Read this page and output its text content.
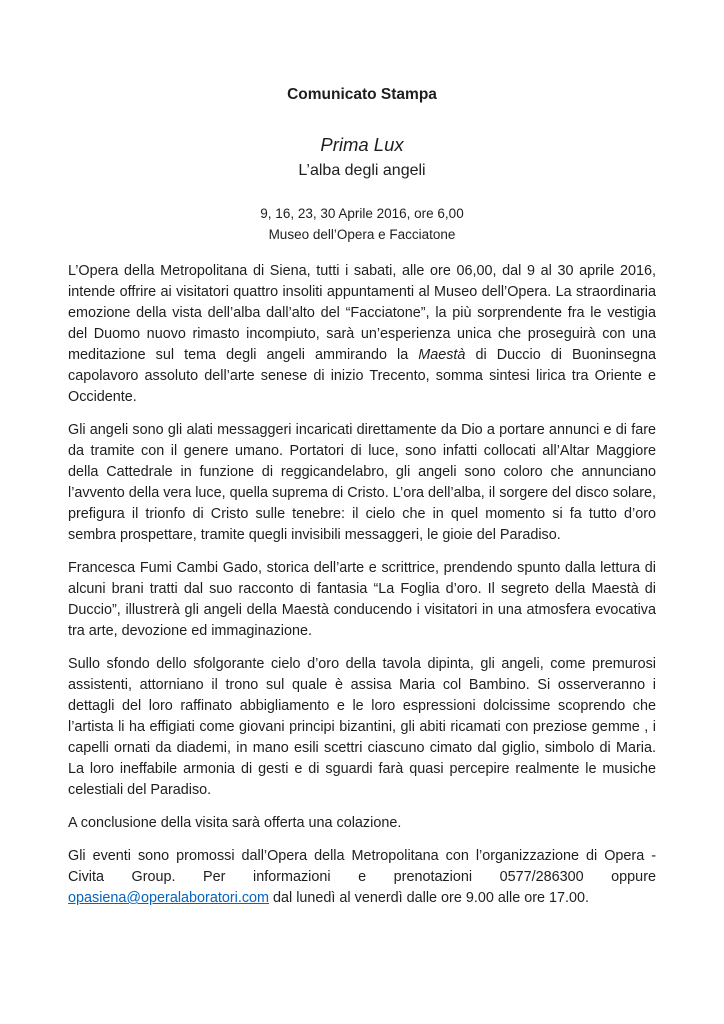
Comunicato Stampa

Prima Lux

L’alba degli angeli

9, 16, 23, 30 Aprile 2016, ore 6,00

Museo dell’Opera e Facciatone

L’Opera della Metropolitana di Siena, tutti i sabati, alle ore 06,00, dal 9 al 30 aprile 2016, intende offrire ai visitatori quattro insoliti appuntamenti al Museo dell’Opera. La straordinaria emozione della vista dell’alba dall’alto del “Facciatone”, la più sorprendente fra le vestigia del Duomo nuovo rimasto incompiuto, sarà un’esperienza unica che proseguirà con una meditazione sul tema degli angeli ammirando la Maestà di Duccio di Buoninsegna capolavoro assoluto dell’arte senese di inizio Trecento, somma sintesi lirica tra Oriente e Occidente.

Gli angeli sono gli alati messaggeri incaricati direttamente da Dio a portare annunci e di fare da tramite con il genere umano. Portatori di luce, sono infatti collocati all’Altar Maggiore della Cattedrale in funzione di reggicandelabro, gli angeli sono coloro che annunciano l’avvento della vera luce, quella suprema di Cristo. L’ora dell’alba, il sorgere del disco solare, prefigura il trionfo di Cristo sulle tenebre: il cielo che in quel momento si fa tutto d’oro sembra prospettare, tramite quegli invisibili messaggeri, le gioie del Paradiso.

Francesca Fumi Cambi Gado, storica dell’arte e scrittrice, prendendo spunto dalla lettura di alcuni brani tratti dal suo racconto di fantasia “La Foglia d’oro. Il segreto della Maestà di Duccio”, illustrerà gli angeli della Maestà conducendo i visitatori in una atmosfera evocativa tra arte, devozione ed immaginazione.

Sullo sfondo dello sfolgorante cielo d’oro della tavola dipinta, gli angeli, come premurosi assistenti, attorniano il trono sul quale è assisa Maria col Bambino. Si osserveranno i dettagli del loro raffinato abbigliamento e le loro espressioni dolcissime scoprendo che l’artista li ha effigiati come giovani principi bizantini, gli abiti ricamati con preziose gemme , i capelli ornati da diademi, in mano esili scettri ciascuno cimato dal giglio, simbolo di Maria. La loro ineffabile armonia di gesti e di sguardi farà quasi percepire realmente le musiche celestiali del Paradiso.

A conclusione della visita sarà offerta una colazione.

Gli eventi sono promossi dall’Opera della Metropolitana con l’organizzazione di Opera - Civita Group. Per informazioni e prenotazioni 0577/286300 oppure opasiena@operalaboratori.com dal lunedì al venerdì dalle ore 9.00 alle ore 17.00.
